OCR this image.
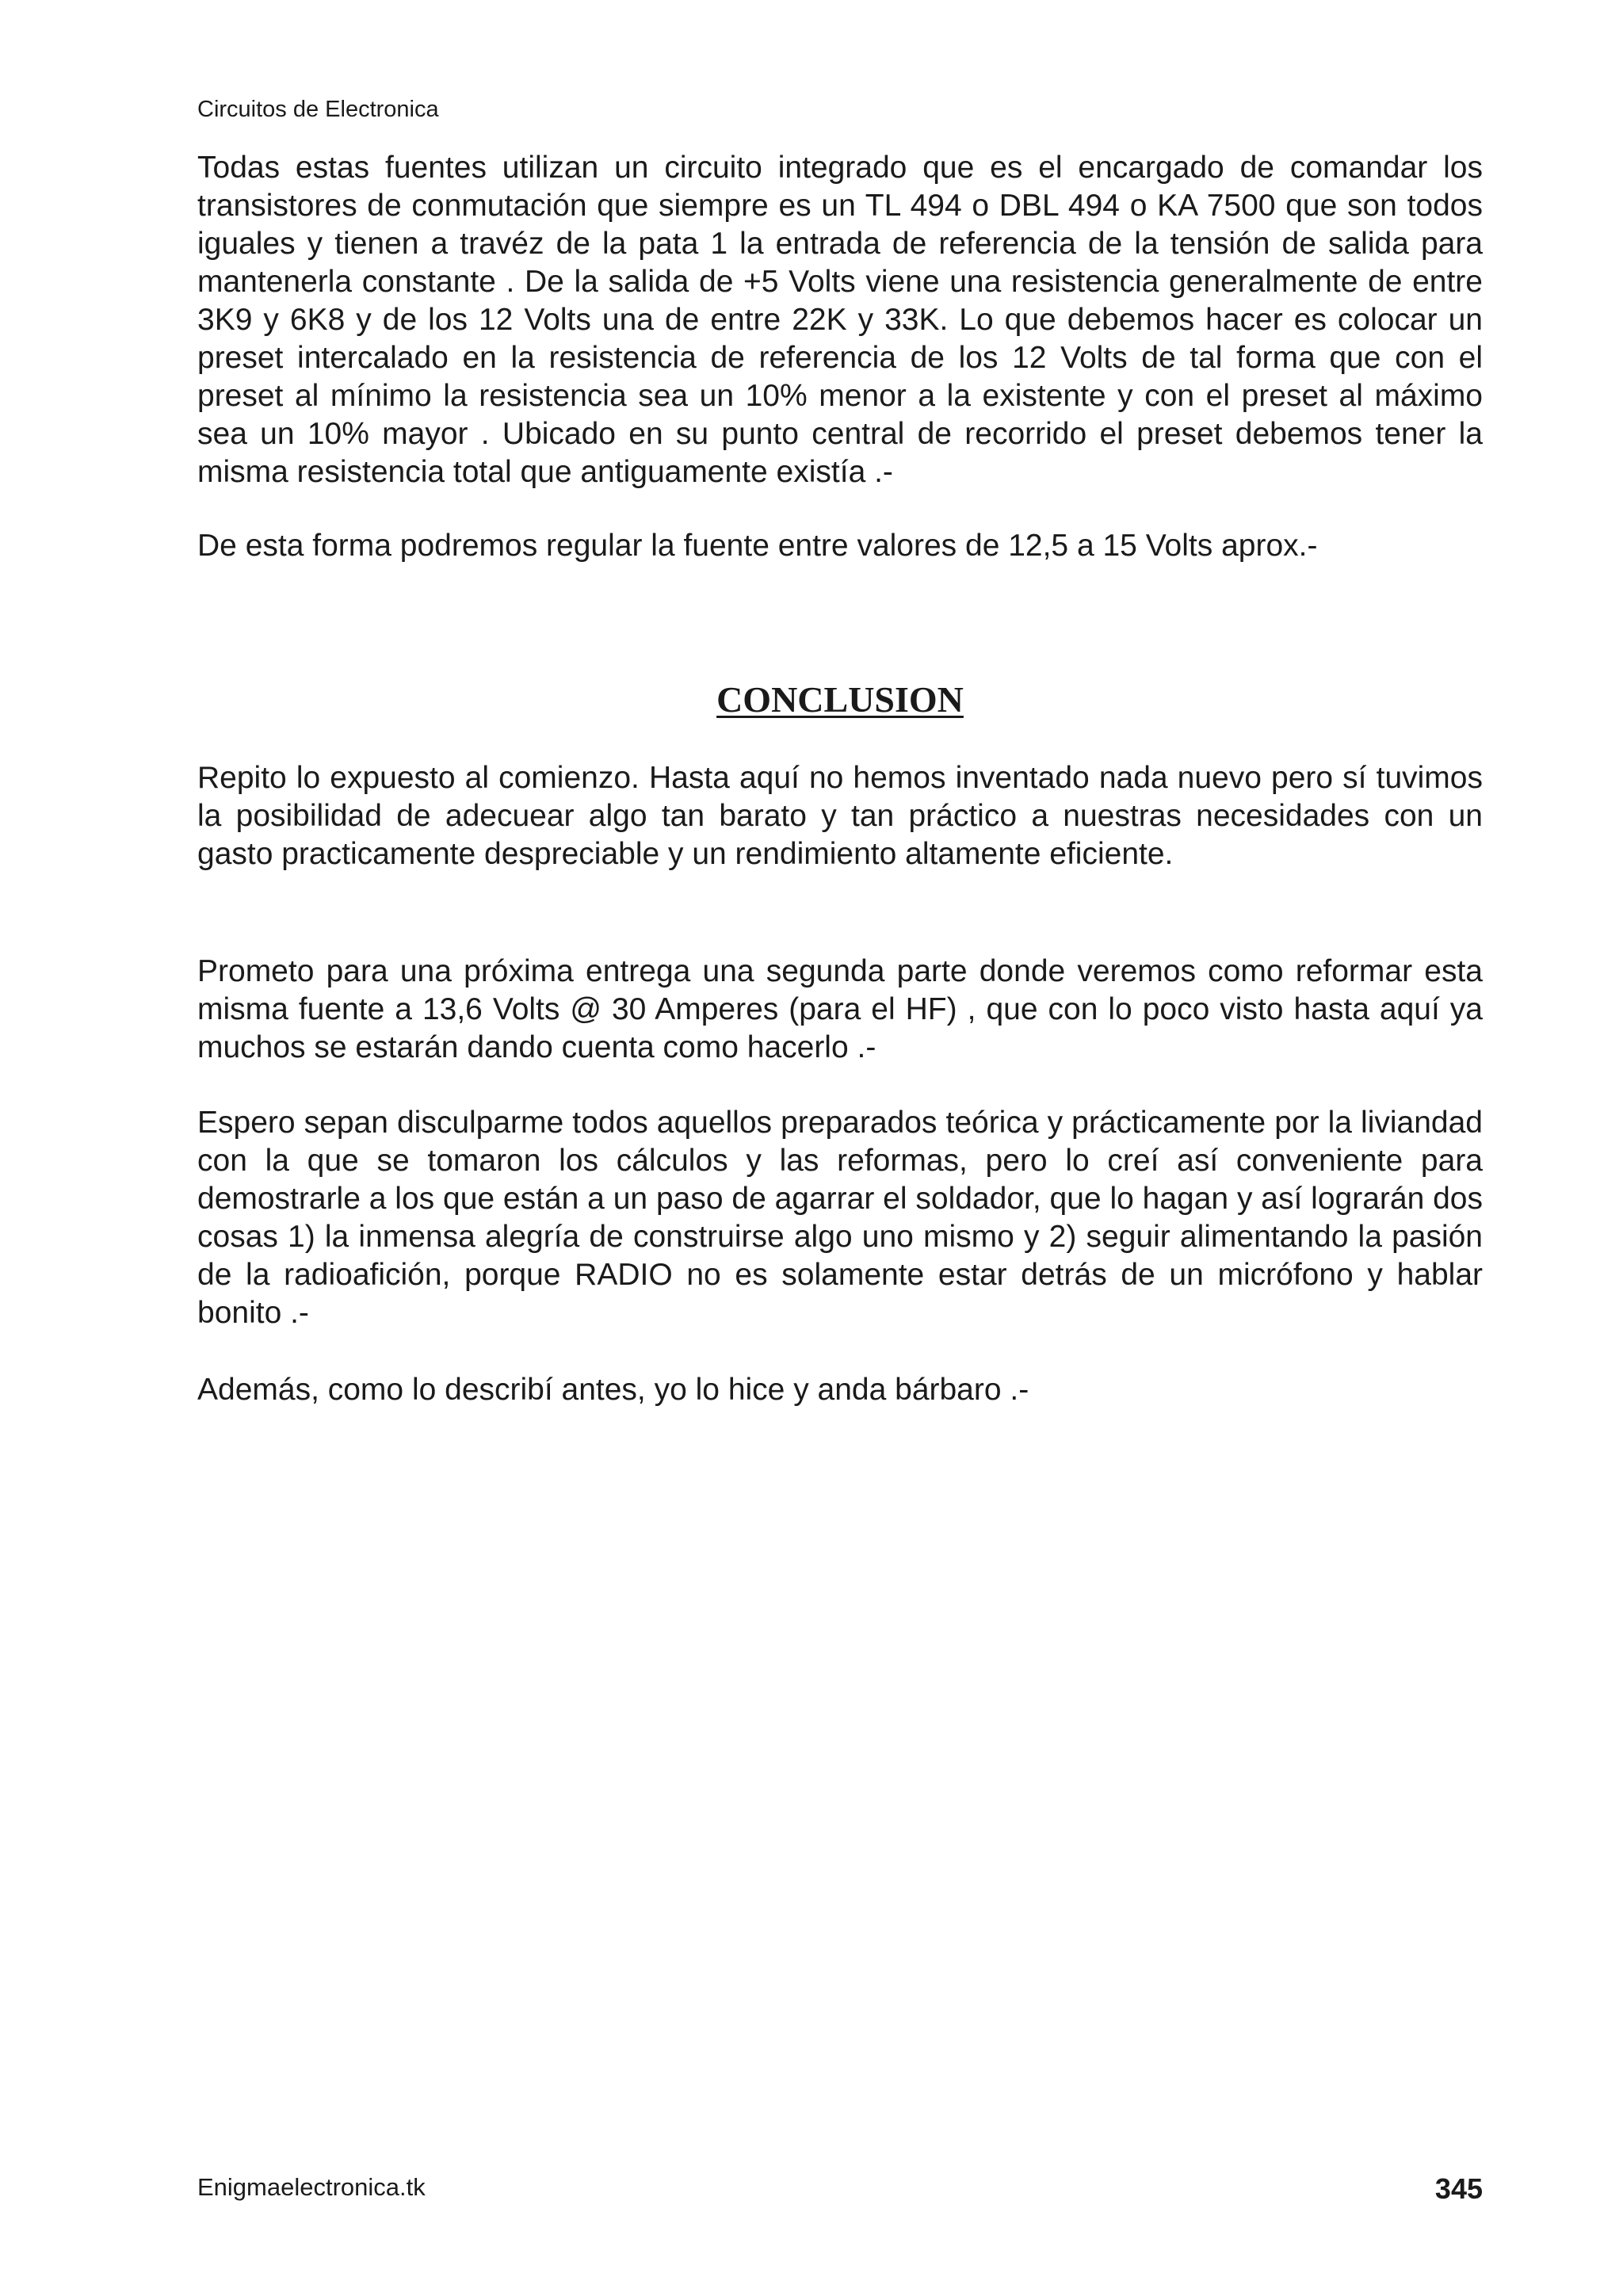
Circuitos de Electronica

Todas estas fuentes utilizan un circuito integrado que es el encargado de comandar los transistores de conmutación que siempre es un TL 494 o DBL 494 o KA 7500 que son todos iguales y tienen a travéz de la pata 1 la entrada de referencia de la tensión de salida para mantenerla constante . De la salida de +5 Volts viene una resistencia generalmente de entre 3K9 y 6K8 y de los 12 Volts una de entre 22K y 33K. Lo que debemos hacer es colocar un preset intercalado en la resistencia de referencia de los 12 Volts de tal forma que con el preset al mínimo la resistencia sea un 10% menor a la existente y con el preset al máximo sea un 10% mayor . Ubicado en su punto central de recorrido el preset debemos tener la misma resistencia total que antiguamente existía .-

De esta forma podremos regular la fuente entre valores de 12,5 a 15 Volts aprox.-

CONCLUSION

Repito lo expuesto al comienzo. Hasta aquí no hemos inventado nada nuevo pero sí tuvimos la posibilidad de adecuear algo tan barato y tan práctico a nuestras necesidades con un gasto practicamente despreciable y un rendimiento altamente eficiente.

Prometo para una próxima entrega una segunda parte donde veremos como reformar esta misma fuente a 13,6 Volts @ 30 Amperes (para el HF) , que con lo poco visto hasta aquí ya muchos se estarán dando cuenta como hacerlo .-

Espero sepan disculparme todos aquellos preparados teórica y prácticamente por la liviandad con la que se tomaron los cálculos y las reformas, pero lo creí así conveniente para demostrarle a los que están a un paso de agarrar el soldador, que lo hagan y así lograrán dos cosas 1) la inmensa alegría de construirse algo uno mismo y 2) seguir alimentando la pasión de la radioafición, porque RADIO no es solamente estar detrás de un micrófono y hablar bonito .-

Además, como lo describí antes, yo lo hice y anda bárbaro .-

Enigmaelectronica.tk	345
